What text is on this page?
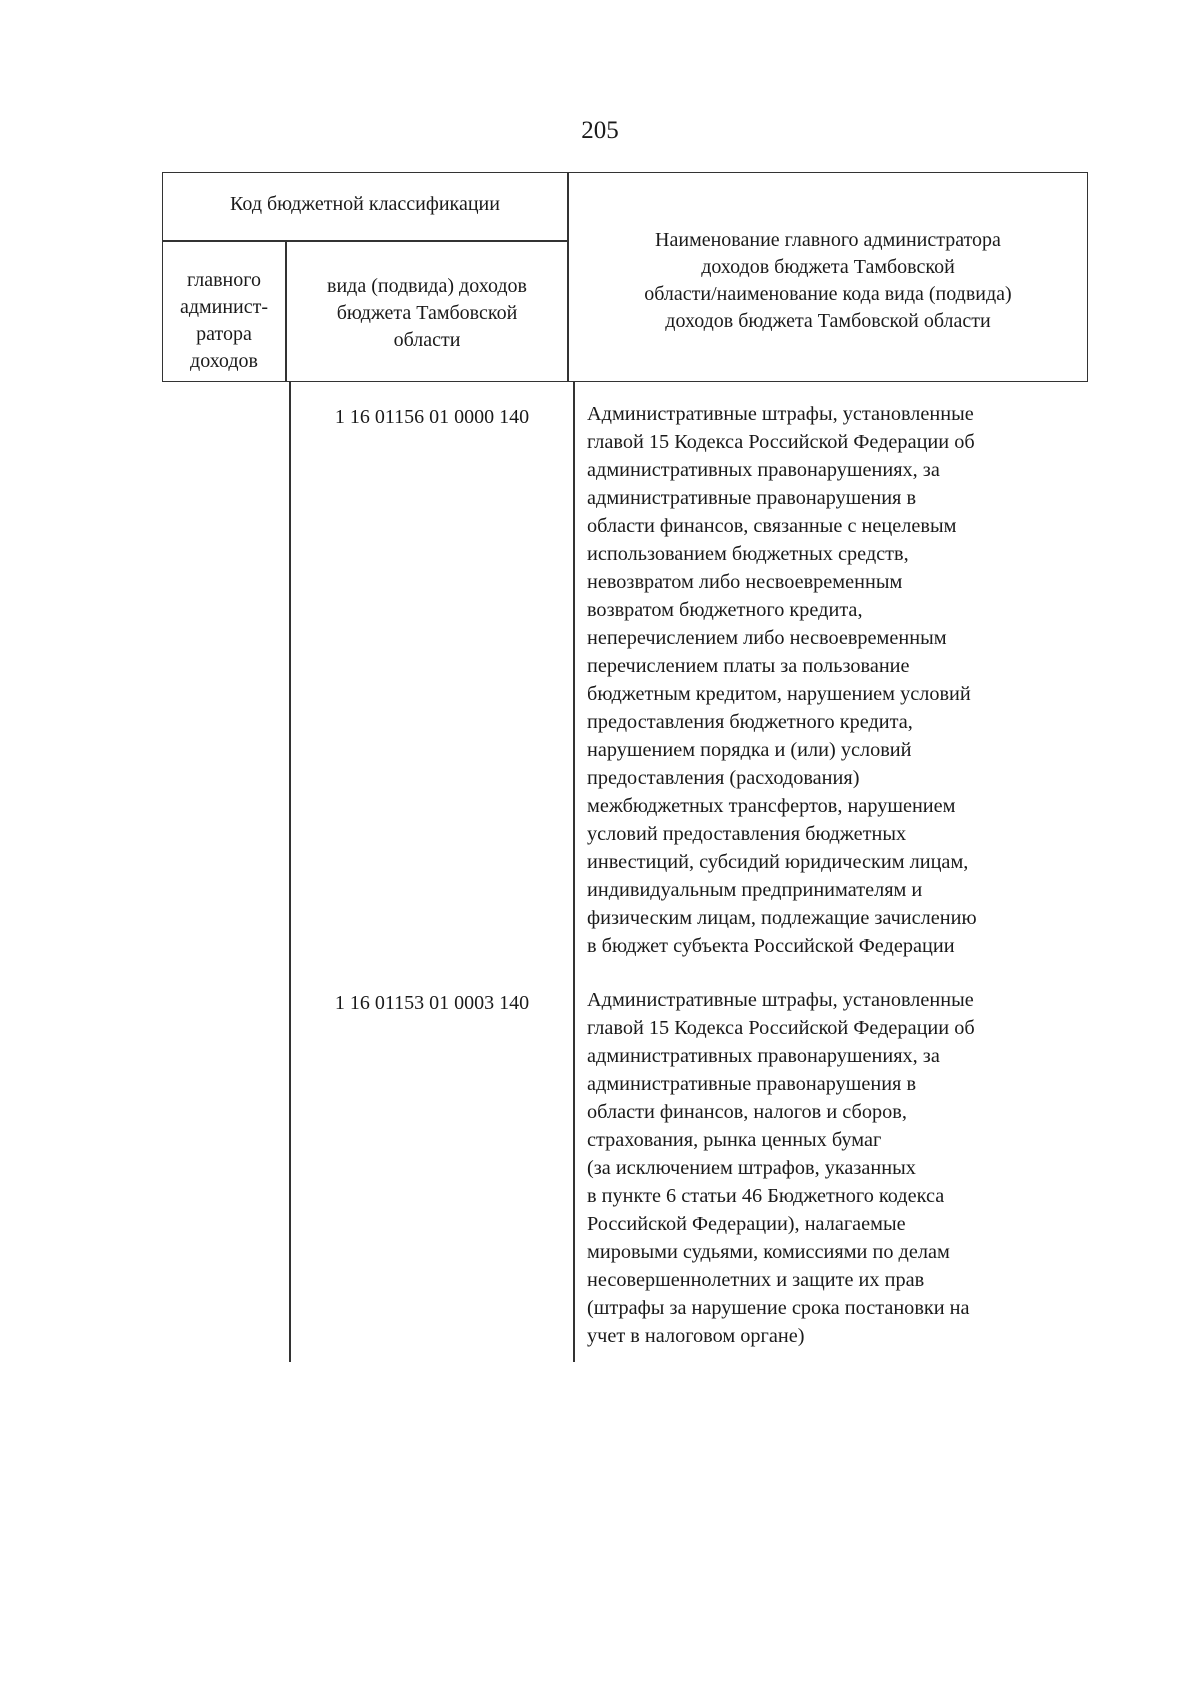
205
Код бюджетной классификации
главного
админист-
ратора
доходов
вида (подвида) доходов
бюджета Тамбовской
области
Наименование главного администратора
доходов бюджета Тамбовской
области/наименование кода вида (подвида)
доходов бюджета Тамбовской области
1 16 01156 01 0000 140	Административные штрафы, установленные
главой 15 Кодекса Российской Федерации об
административных правонарушениях, за
административные правонарушения в
области финансов, связанные с нецелевым
использованием бюджетных средств,
невозвратом либо несвоевременным
возвратом бюджетного кредита,
неперечислением либо несвоевременным
перечислением платы за пользование
бюджетным кредитом, нарушением условий
предоставления бюджетного кредита,
нарушением порядка и (или) условий
предоставления (расходования)
межбюджетных трансфертов, нарушением
условий предоставления бюджетных
инвестиций, субсидий юридическим лицам,
индивидуальным предпринимателям и
физическим лицам, подлежащие зачислению
в бюджет субъекта Российской Федерации
1 16 01153 01 0003 140	Административные штрафы, установленные
главой 15 Кодекса Российской Федерации об
административных правонарушениях, за
административные правонарушения в
области финансов, налогов и сборов,
страхования, рынка ценных бумаг
(за исключением штрафов, указанных
в пункте 6 статьи 46 Бюджетного кодекса
Российской Федерации), налагаемые
мировыми судьями, комиссиями по делам
несовершеннолетних и защите их прав
(штрафы за нарушение срока постановки на
учет в налоговом органе)
